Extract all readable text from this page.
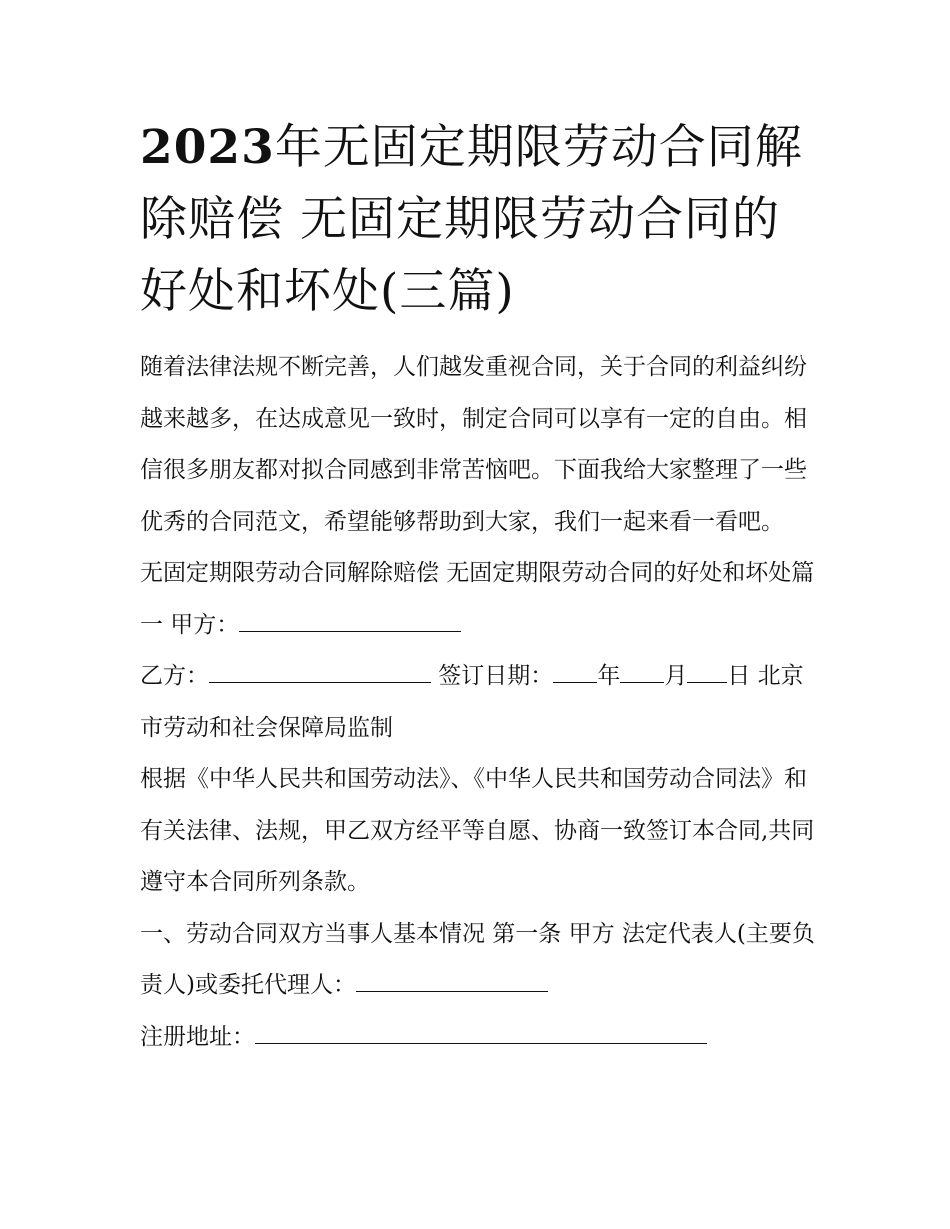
2023年无固定期限劳动合同解除赔偿 无固定期限劳动合同的好处和坏处(三篇)

随着法律法规不断完善，人们越发重视合同，关于合同的利益纠纷越来越多，在达成意见一致时，制定合同可以享有一定的自由。相信很多朋友都对拟合同感到非常苦恼吧。下面我给大家整理了一些优秀的合同范文，希望能够帮助到大家，我们一起来看一看吧。

无固定期限劳动合同解除赔偿 无固定期限劳动合同的好处和坏处篇一 甲方：

乙方：	签订日期： 年 月 日 北京市劳动和社会保障局监制

根据《中华人民共和国劳动法》、《中华人民共和国劳动合同法》和有关法律、法规，甲乙双方经平等自愿、协商一致签订本合同,共同遵守本合同所列条款。

一、劳动合同双方当事人基本情况 第一条 甲方 法定代表人(主要负责人)或委托代理人：

注册地址：
